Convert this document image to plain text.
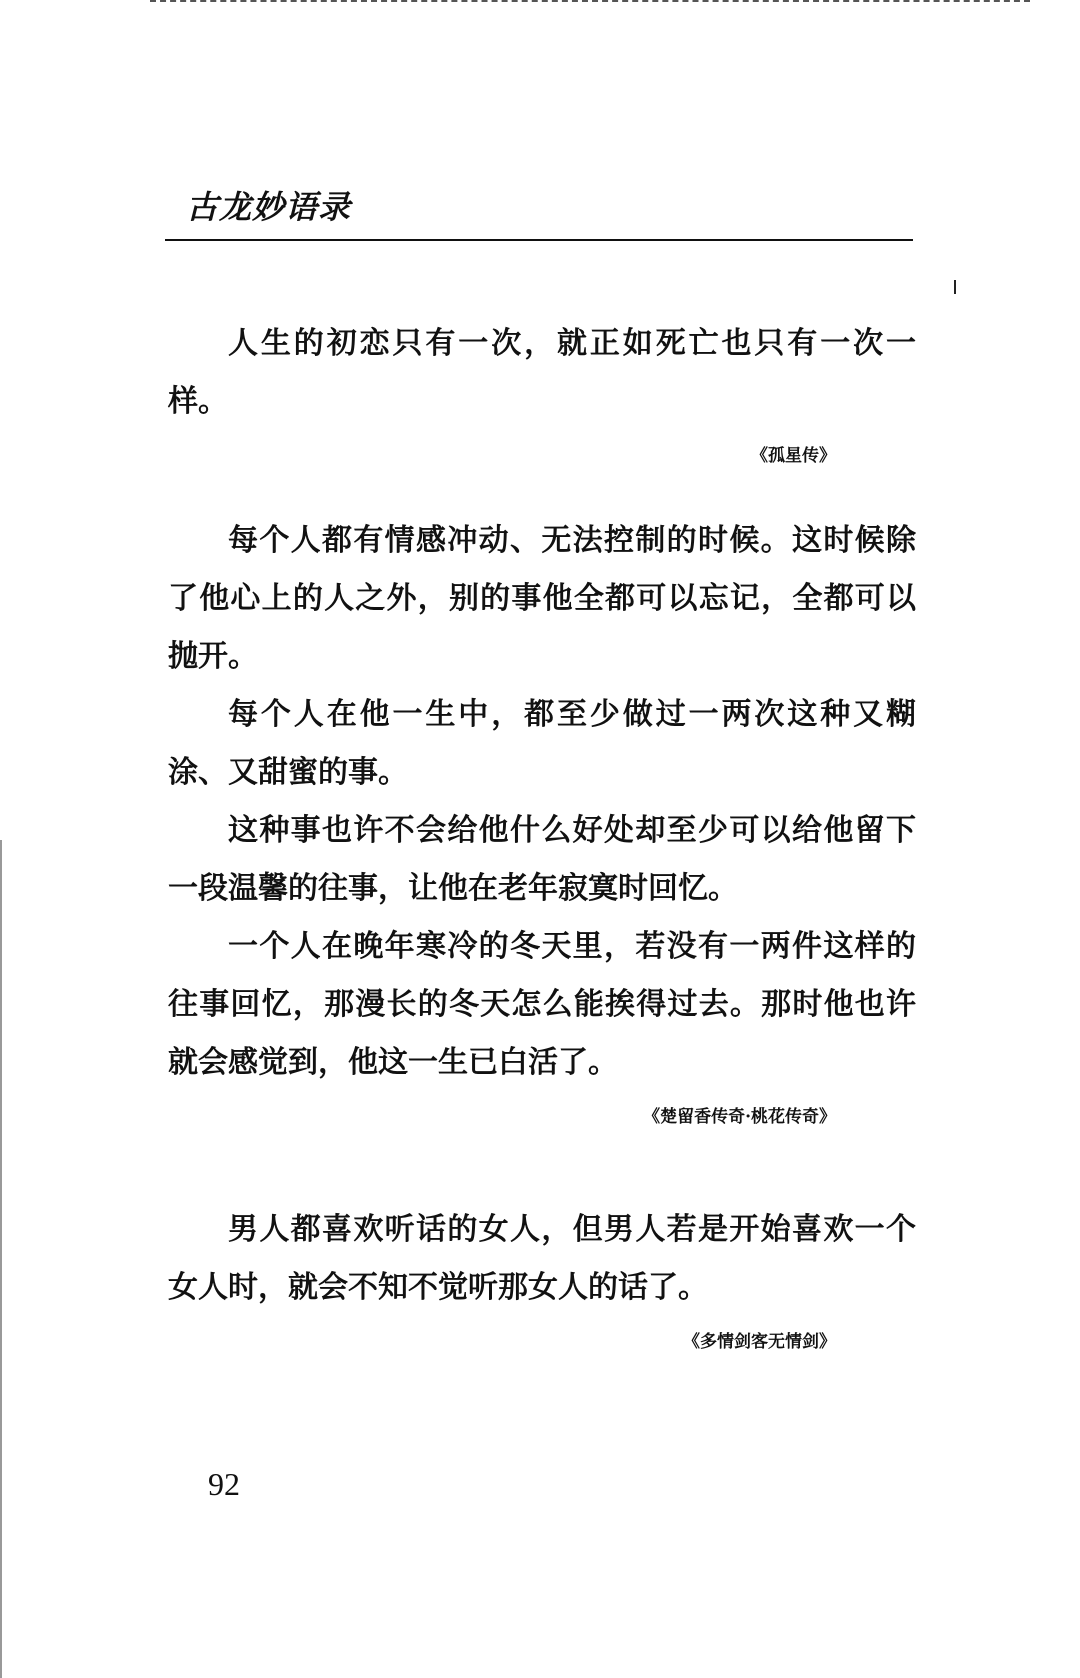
古龙妙语录

人生的初恋只有一次，就正如死亡也只有一次一样。

《孤星传》

每个人都有情感冲动、无法控制的时候。这时候除了他心上的人之外，别的事他全都可以忘记，全都可以抛开。

每个人在他一生中，都至少做过一两次这种又糊涂、又甜蜜的事。

这种事也许不会给他什么好处却至少可以给他留下一段温馨的往事，让他在老年寂寞时回忆。

一个人在晚年寒冷的冬天里，若没有一两件这样的往事回忆，那漫长的冬天怎么能挨得过去。那时他也许就会感觉到，他这一生已白活了。

《楚留香传奇·桃花传奇》

男人都喜欢听话的女人，但男人若是开始喜欢一个女人时，就会不知不觉听那女人的话了。

《多情剑客无情剑》

92
